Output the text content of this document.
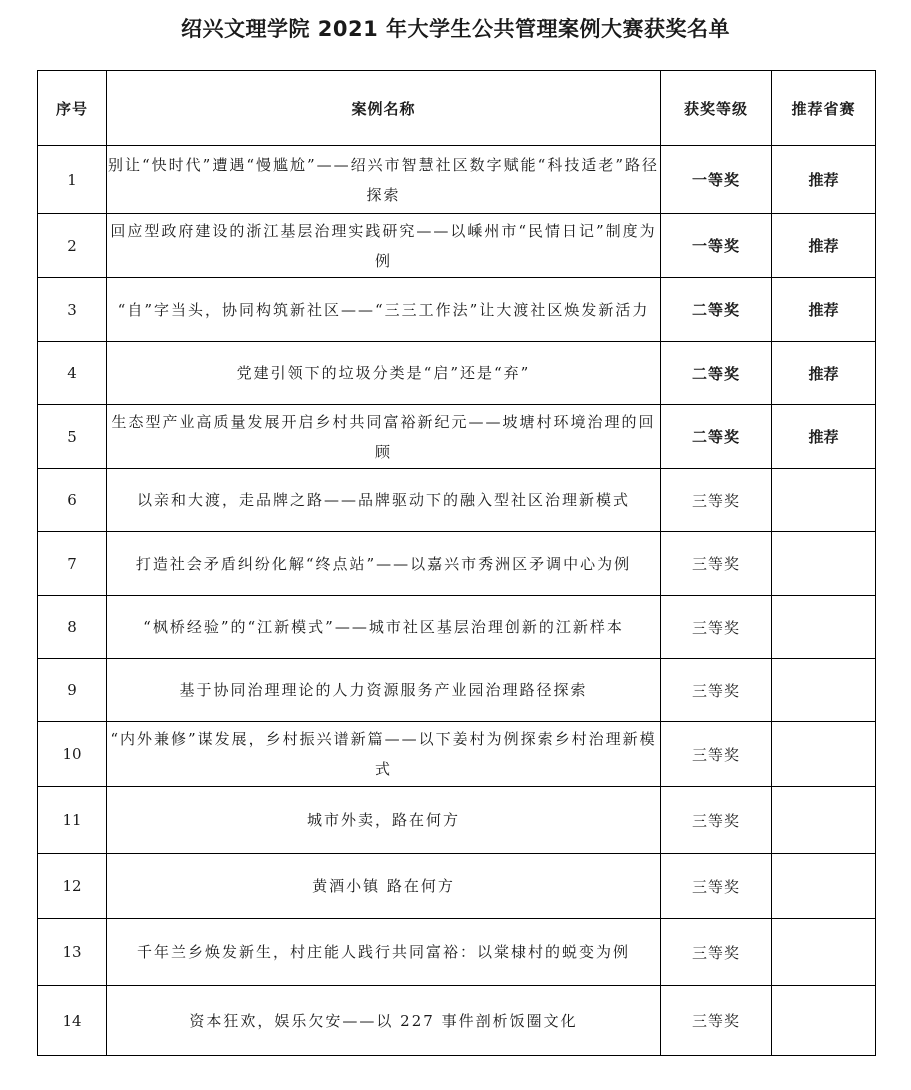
绍兴文理学院 2021 年大学生公共管理案例大赛获奖名单
序号	案例名称	获奖等级	推荐省赛
1	别让“快时代”遭遇“慢尴尬”——绍兴市智慧社区数字赋能“科技适老”路径探索	一等奖	推荐
2	回应型政府建设的浙江基层治理实践研究——以嵊州市“民情日记”制度为例	一等奖	推荐
3	“自”字当头，协同构筑新社区——“三三工作法”让大渡社区焕发新活力	二等奖	推荐
4	党建引领下的垃圾分类是“启”还是“弃”	二等奖	推荐
5	生态型产业高质量发展开启乡村共同富裕新纪元——坡塘村环境治理的回顾	二等奖	推荐
6	以亲和大渡，走品牌之路——品牌驱动下的融入型社区治理新模式	三等奖	
7	打造社会矛盾纠纷化解“终点站”——以嘉兴市秀洲区矛调中心为例	三等奖	
8	“枫桥经验”的“江新模式”——城市社区基层治理创新的江新样本	三等奖	
9	基于协同治理理论的人力资源服务产业园治理路径探索	三等奖	
10	“内外兼修”谋发展，乡村振兴谱新篇——以下姜村为例探索乡村治理新模式	三等奖	
11	城市外卖，路在何方	三等奖	
12	黄酒小镇 路在何方	三等奖	
13	千年兰乡焕发新生，村庄能人践行共同富裕：以棠棣村的蜕变为例	三等奖	
14	资本狂欢，娱乐欠安——以 227 事件剖析饭圈文化	三等奖	
